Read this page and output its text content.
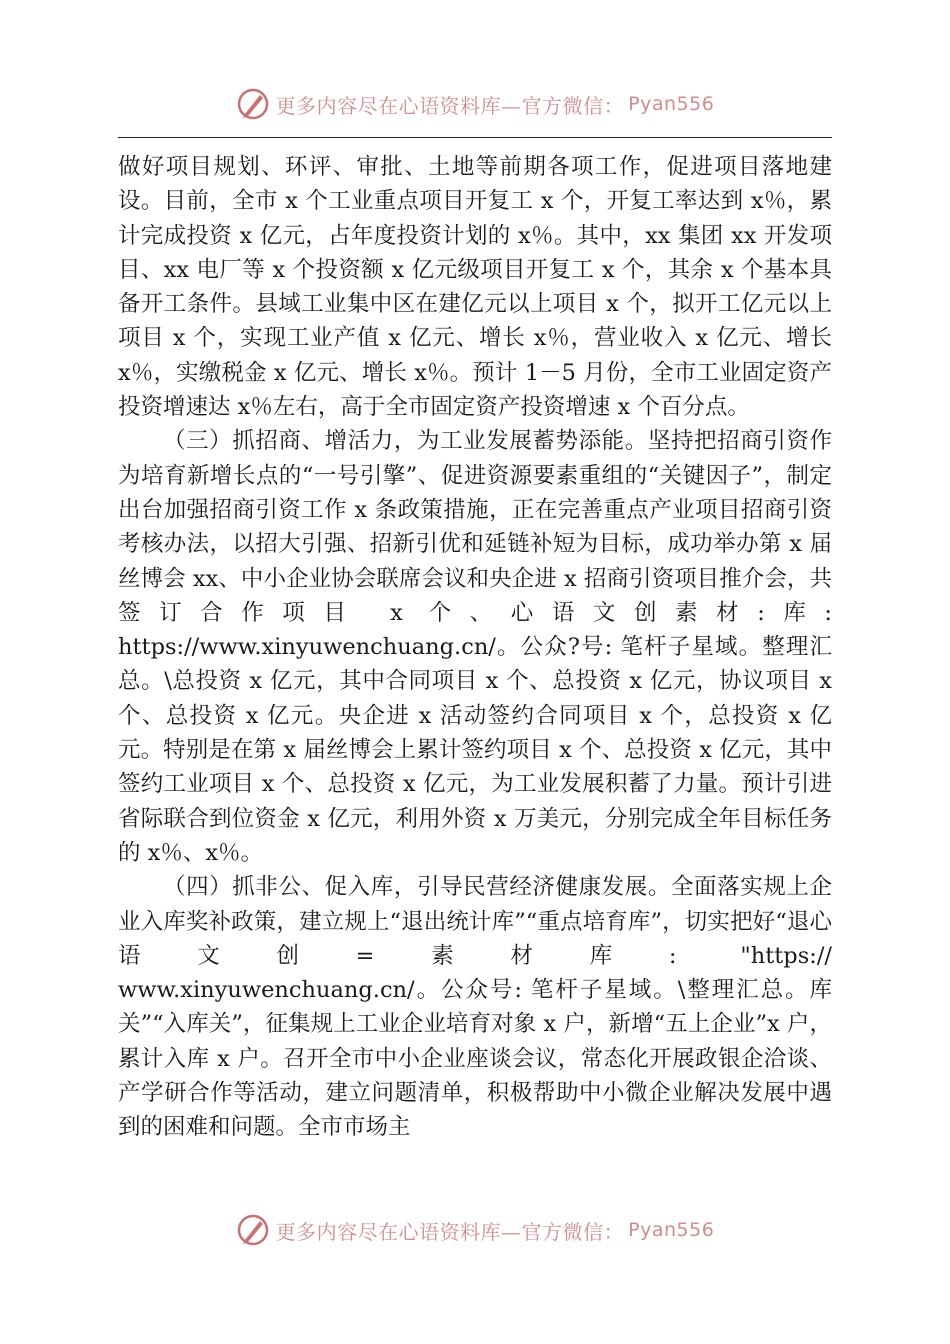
更多内容尽在心语资料库—官方微信： Pyan556

做好项目规划、环评、审批、土地等前期各项工作，促进项目落地建设。目前，全市 x 个工业重点项目开复工 x 个，开复工率达到 x％，累计完成投资 x 亿元，占年度投资计划的 x％。其中，xx 集团 xx 开发项目、xx 电厂等 x 个投资额 x 亿元级项目开复工 x 个，其余 x 个基本具备开工条件。县域工业集中区在建亿元以上项目 x 个，拟开工亿元以上项目 x 个，实现工业产值 x 亿元、增长 x％，营业收入 x 亿元、增长 x％，实缴税金 x 亿元、增长 x％。预计 1－5 月份，全市工业固定资产投资增速达 x％左右，高于全市固定资产投资增速 x 个百分点。

（三）抓招商、增活力，为工业发展蓄势添能。坚持把招商引资作为培育新增长点的“一号引擎”、促进资源要素重组的“关键因子”，制定出台加强招商引资工作 x 条政策措施，正在完善重点产业项目招商引资考核办法，以招大引强、招新引优和延链补短为目标，成功举办第 x 届丝博会 xx、中小企业协会联席会议和央企进 x 招商引资项目推介会，共签订合作项目 x 个、心语文创素材:库: https://www.xinyuwenchuang.cn/。公众?号: 笔杆子星域。整理汇总。\总投资 x 亿元，其中合同项目 x 个、总投资 x 亿元，协议项目 x 个、总投资 x 亿元。央企进 x 活动签约合同项目 x 个，总投资 x 亿元。特别是在第 x 届丝博会上累计签约项目 x 个、总投资 x 亿元，其中签约工业项目 x 个、总投资 x 亿元，为工业发展积蓄了力量。预计引进省际联合到位资金 x 亿元，利用外资 x 万美元，分别完成全年目标任务的 x％、x％。

（四）抓非公、促入库，引导民营经济健康发展。全面落实规上企业入库奖补政策，建立规上“退出统计库”“重点培育库”，切实把好“退心语文创=素材库: "https://

www.xinyuwenchuang.cn/。公众号: 笔杆子星域。\整理汇总。库关”“入库关”，征集规上工业企业培育对象 x 户，新增“五上企业”x 户，累计入库 x 户。召开全市中小企业座谈会议，常态化开展政银企洽谈、产学研合作等活动，建立问题清单，积极帮助中小微企业解决发展中遇到的困难和问题。全市市场主

更多内容尽在心语资料库—官方微信： Pyan556
